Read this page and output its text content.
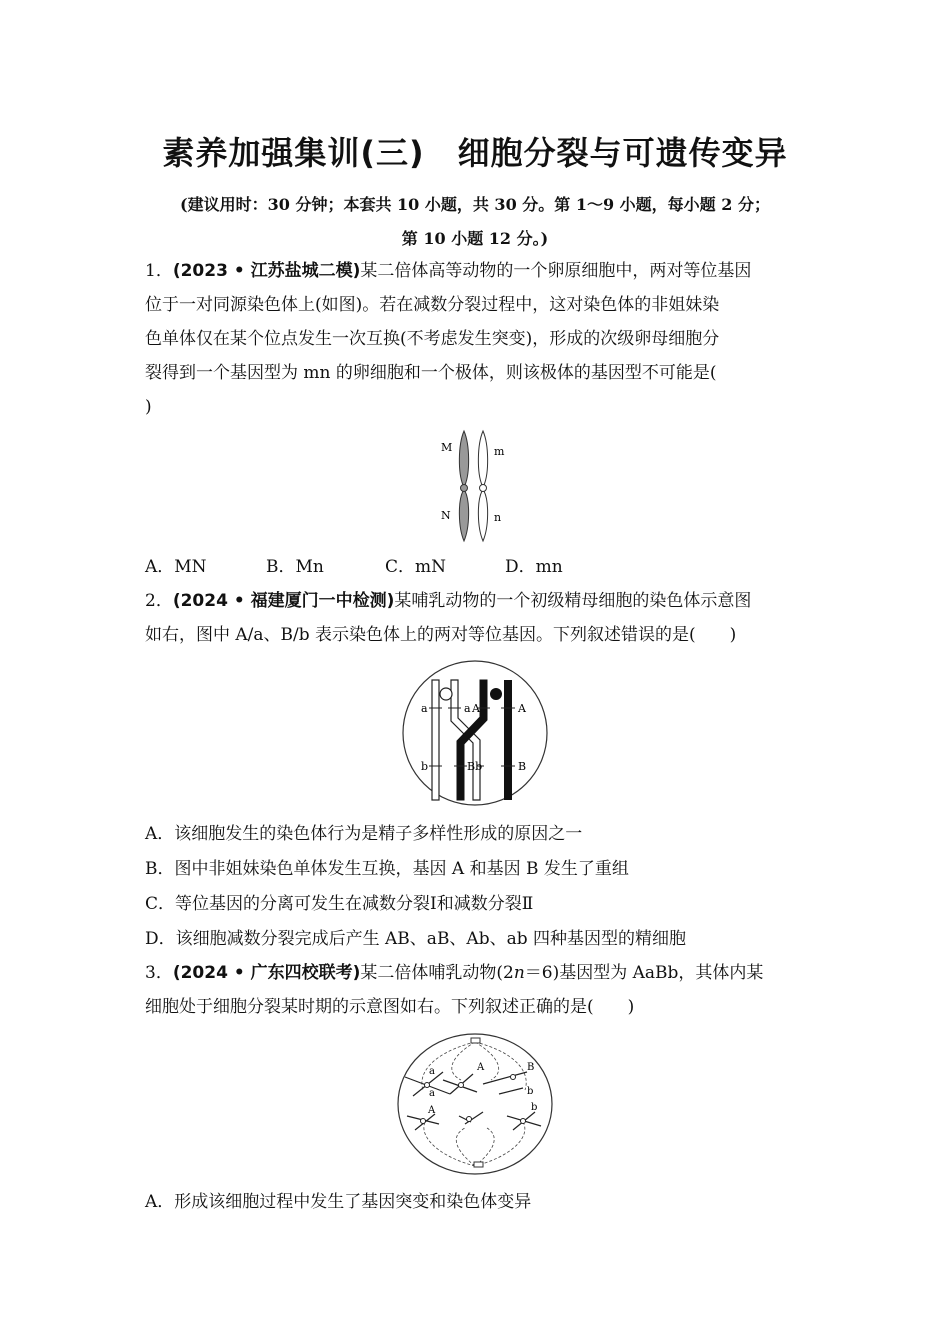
素养加强集训(三)　细胞分裂与可遗传变异
(建议用时：30 分钟；本套共 10 小题，共 30 分。第 1～9 小题，每小题 2 分；
第 10 小题 12 分。)
1．(2023 • 江苏盐城二模)某二倍体高等动物的一个卵原细胞中，两对等位基因
位于一对同源染色体上(如图)。若在减数分裂过程中，这对染色体的非姐妹染
色单体仅在某个位点发生一次互换(不考虑发生突变)，形成的次级卵母细胞分
裂得到一个基因型为 mn 的卵细胞和一个极体，则该极体的基因型不可能是(
)
M	m
N	n
A．MN	B．Mn	C．mN	D．mn
2．(2024 • 福建厦门一中检测)某哺乳动物的一个初级精母细胞的染色体示意图
如右，图中 A/a、B/b 表示染色体上的两对等位基因。下列叙述错误的是(　　)
a	a A	A
b	Bb	B
A．该细胞发生的染色体行为是精子多样性形成的原因之一
B．图中非姐妹染色单体发生互换，基因 A 和基因 B 发生了重组
C．等位基因的分离可发生在减数分裂Ⅰ和减数分裂Ⅱ
D．该细胞减数分裂完成后产生 AB、aB、Ab、ab 四种基因型的精细胞
3．(2024 • 广东四校联考)某二倍体哺乳动物(2n＝6)基因型为 AaBb，其体内某
细胞处于细胞分裂某时期的示意图如右。下列叙述正确的是(　　)
a
a
A	B
b
A	b
A．形成该细胞过程中发生了基因突变和染色体变异
